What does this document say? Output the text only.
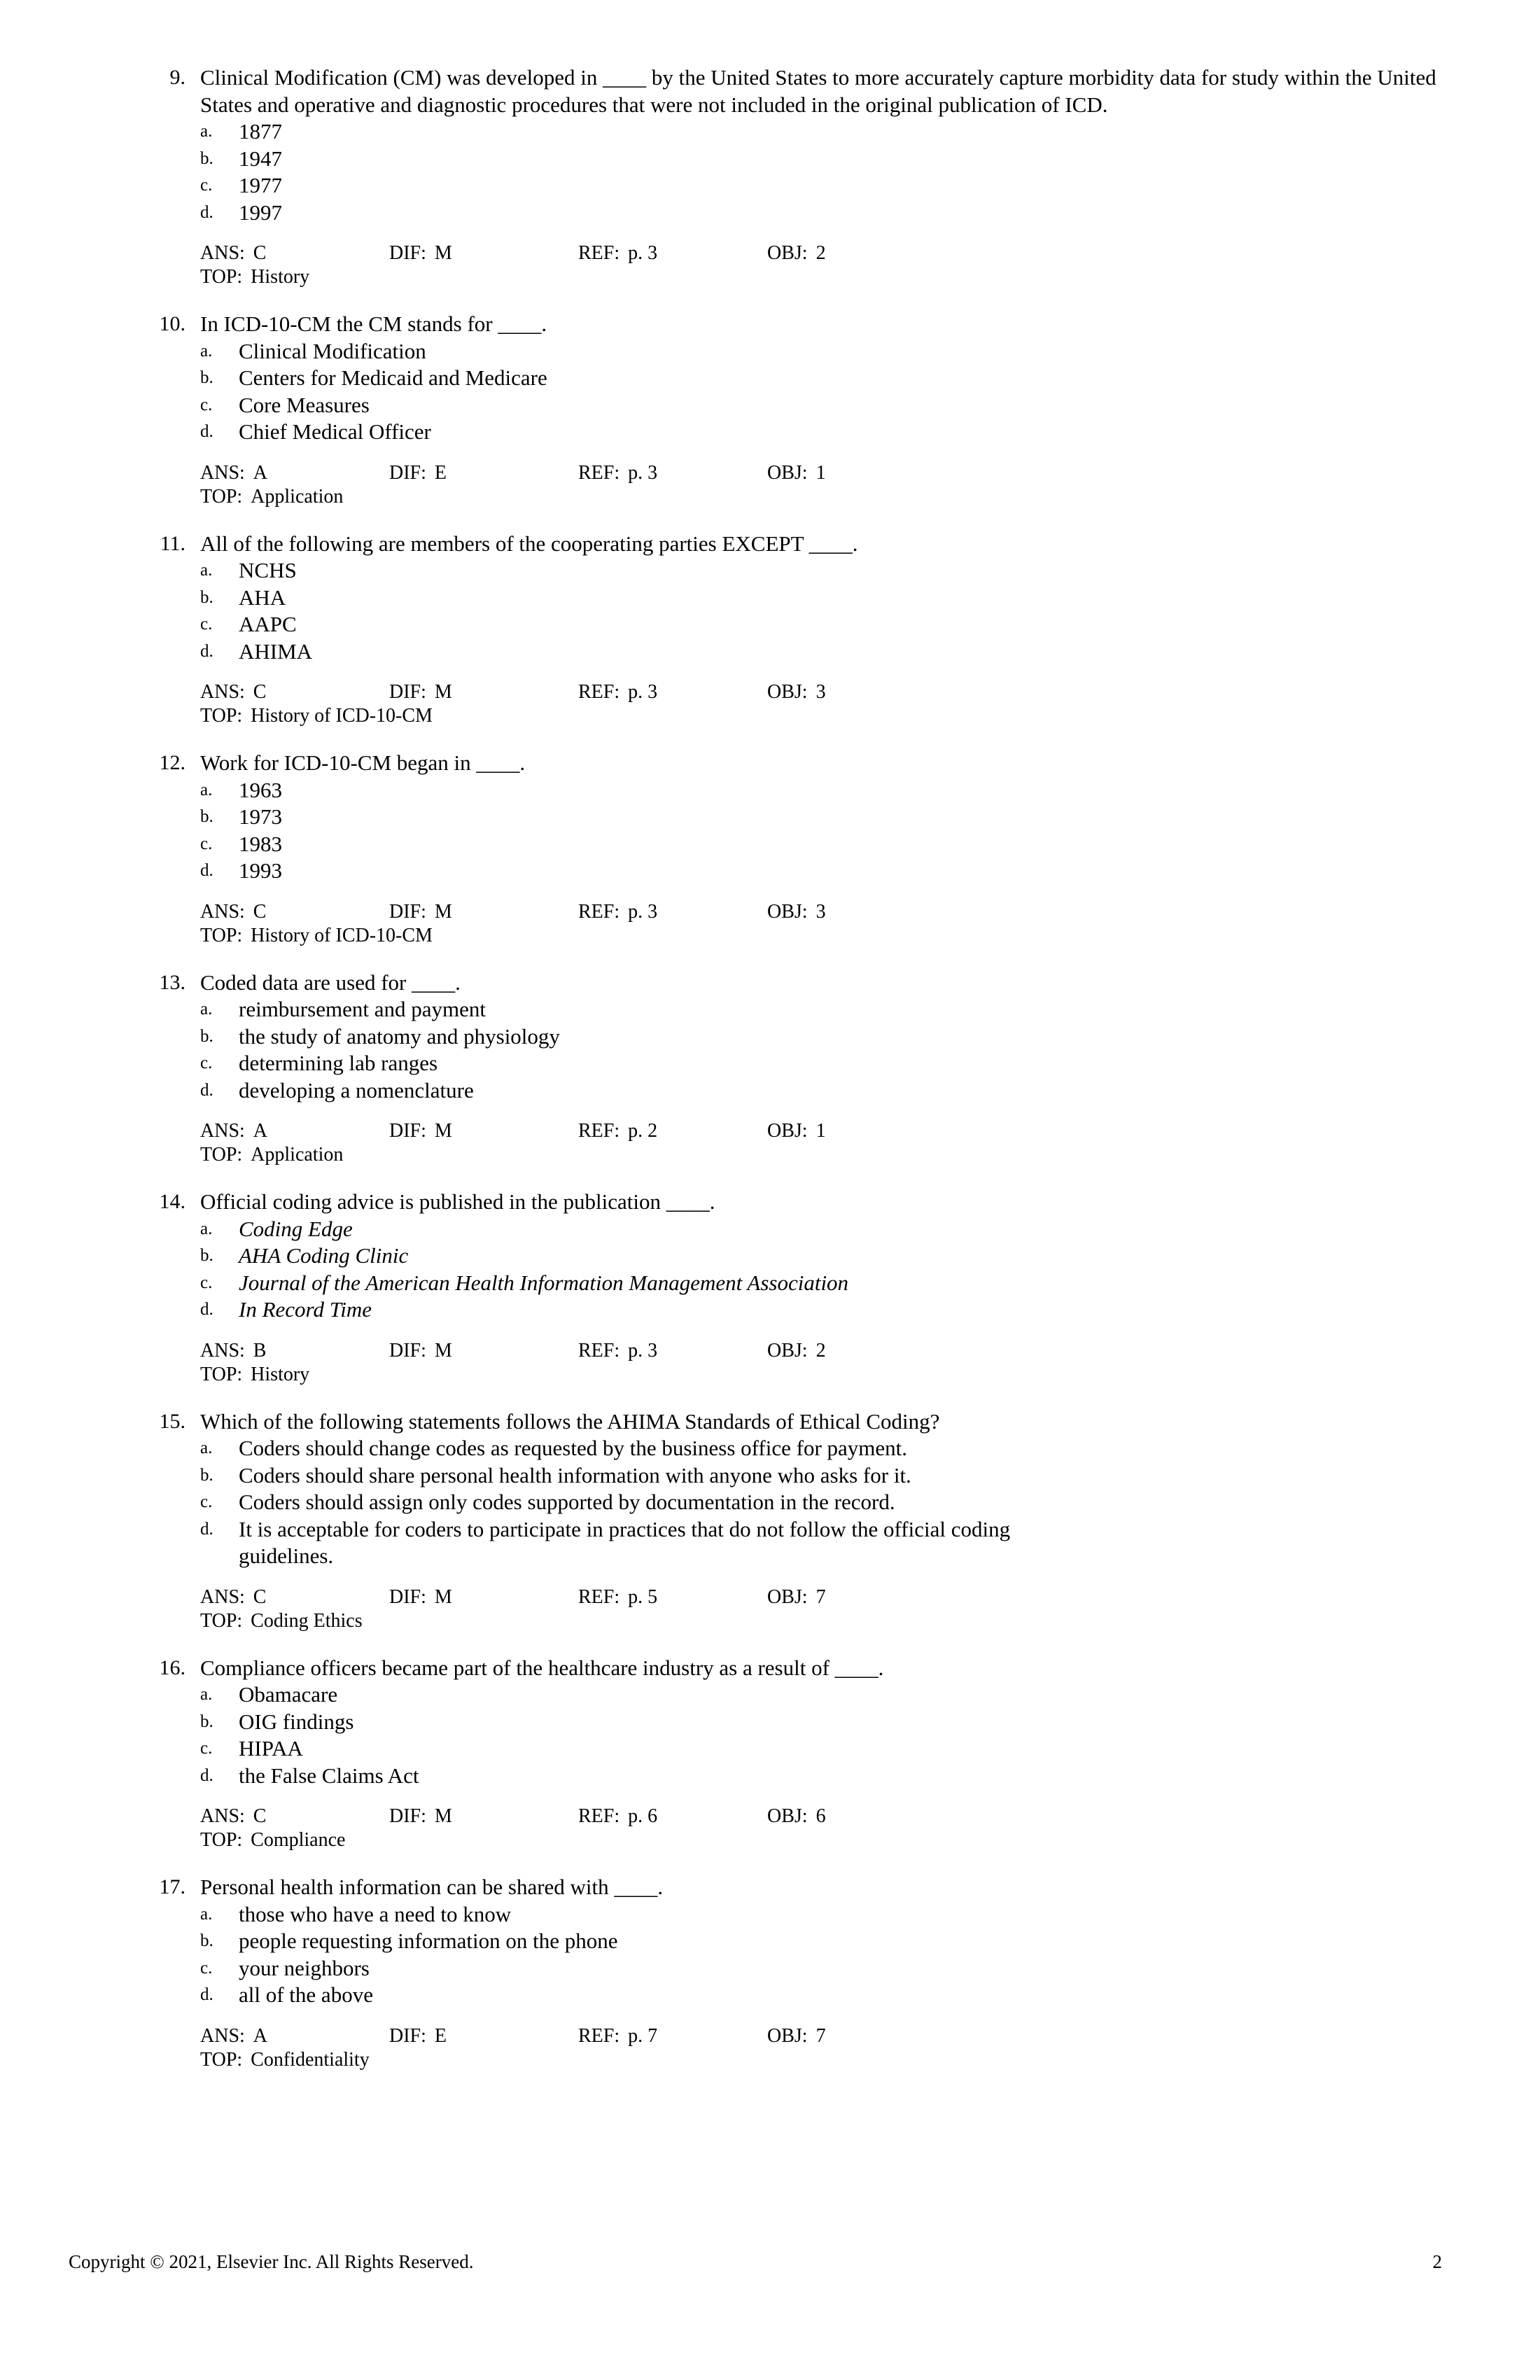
9. Clinical Modification (CM) was developed in ____ by the United States to more accurately capture morbidity data for study within the United States and operative and diagnostic procedures that were not included in the original publication of ICD.
a. 1877
b. 1947
c. 1977
d. 1997
ANS: C	DIF: M	REF: p. 3	OBJ: 2
TOP: History
10. In ICD-10-CM the CM stands for ____.
a. Clinical Modification
b. Centers for Medicaid and Medicare
c. Core Measures
d. Chief Medical Officer
ANS: A	DIF: E	REF: p. 3	OBJ: 1
TOP: Application
11. All of the following are members of the cooperating parties EXCEPT ____.
a. NCHS
b. AHA
c. AAPC
d. AHIMA
ANS: C	DIF: M	REF: p. 3	OBJ: 3
TOP: History of ICD-10-CM
12. Work for ICD-10-CM began in ____.
a. 1963
b. 1973
c. 1983
d. 1993
ANS: C	DIF: M	REF: p. 3	OBJ: 3
TOP: History of ICD-10-CM
13. Coded data are used for ____.
a. reimbursement and payment
b. the study of anatomy and physiology
c. determining lab ranges
d. developing a nomenclature
ANS: A	DIF: M	REF: p. 2	OBJ: 1
TOP: Application
14. Official coding advice is published in the publication ____.
a. Coding Edge
b. AHA Coding Clinic
c. Journal of the American Health Information Management Association
d. In Record Time
ANS: B	DIF: M	REF: p. 3	OBJ: 2
TOP: History
15. Which of the following statements follows the AHIMA Standards of Ethical Coding?
a. Coders should change codes as requested by the business office for payment.
b. Coders should share personal health information with anyone who asks for it.
c. Coders should assign only codes supported by documentation in the record.
d. It is acceptable for coders to participate in practices that do not follow the official coding guidelines.
ANS: C	DIF: M	REF: p. 5	OBJ: 7
TOP: Coding Ethics
16. Compliance officers became part of the healthcare industry as a result of ____.
a. Obamacare
b. OIG findings
c. HIPAA
d. the False Claims Act
ANS: C	DIF: M	REF: p. 6	OBJ: 6
TOP: Compliance
17. Personal health information can be shared with ____.
a. those who have a need to know
b. people requesting information on the phone
c. your neighbors
d. all of the above
ANS: A	DIF: E	REF: p. 7	OBJ: 7
TOP: Confidentiality
Copyright © 2021, Elsevier Inc. All Rights Reserved.	2
